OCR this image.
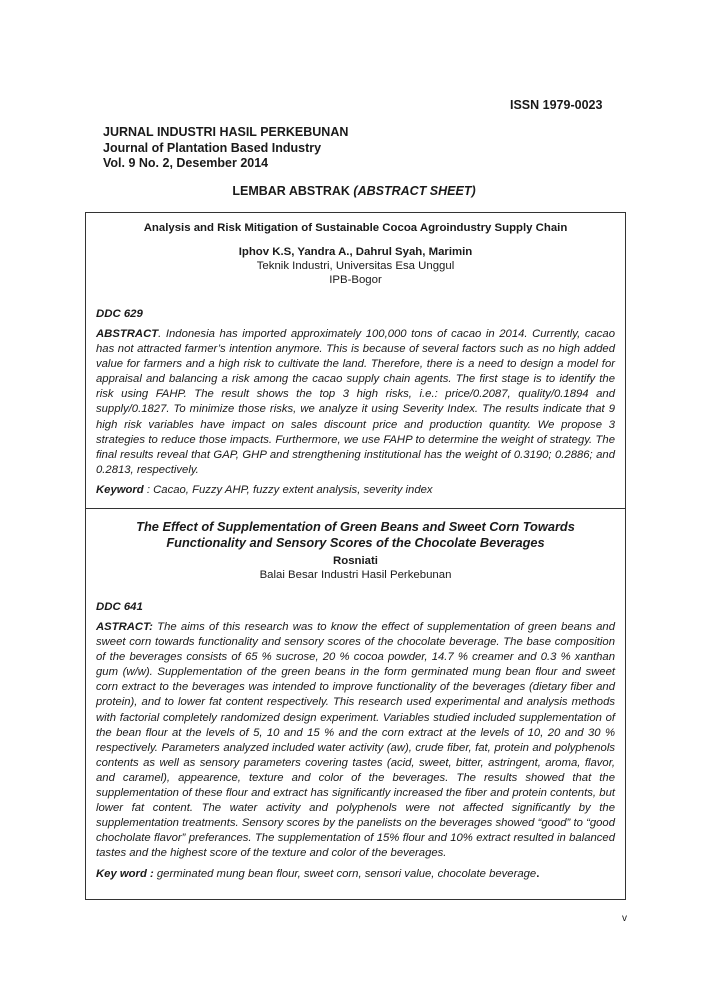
ISSN 1979-0023
JURNAL INDUSTRI HASIL PERKEBUNAN
Journal of Plantation Based Industry
Vol. 9 No. 2, Desember 2014
LEMBAR ABSTRAK (ABSTRACT SHEET)
Analysis and Risk Mitigation of Sustainable Cocoa Agroindustry Supply Chain
Iphov K.S, Yandra A., Dahrul Syah, Marimin
Teknik Industri, Universitas Esa Unggul
IPB-Bogor
DDC 629
ABSTRACT. Indonesia has imported approximately 100,000 tons of cacao in 2014. Currently, cacao has not attracted farmer’s intention anymore. This is because of several factors such as no high added value for farmers and a high risk to cultivate the land. Therefore, there is a need to design a model for appraisal and balancing a risk among the cacao supply chain agents. The first stage is to identify the risk using FAHP. The result shows the top 3 high risks, i.e.: price/0.2087, quality/0.1894 and supply/0.1827. To minimize those risks, we analyze it using Severity Index. The results indicate that 9 high risk variables have impact on sales discount price and production quantity. We propose 3 strategies to reduce those impacts. Furthermore, we use FAHP to determine the weight of strategy. The final results reveal that GAP, GHP and strengthening institutional has the weight of 0.3190; 0.2886; and 0.2813, respectively.
Keyword : Cacao, Fuzzy AHP, fuzzy extent analysis, severity index
The Effect of Supplementation of Green Beans and Sweet Corn Towards
Functionality and Sensory Scores of the Chocolate Beverages
Rosniati
Balai Besar Industri Hasil Perkebunan
DDC 641
ASTRACT: The aims of this research was to know the effect of supplementation of green beans and sweet corn towards functionality and sensory scores of the chocolate beverage. The base composition of the beverages consists of 65 % sucrose, 20 % cocoa powder, 14.7 % creamer and 0.3 % xanthan gum (w/w). Supplementation of the green beans in the form germinated mung bean flour and sweet corn extract to the beverages was intended to improve functionality of the beverages (dietary fiber and protein), and to lower fat content respectively. This research used experimental and analysis methods with factorial completely randomized design experiment. Variables studied included supplementation of the bean flour at the levels of 5, 10 and 15 % and the corn extract at the levels of 10, 20 and 30 % respectively. Parameters analyzed included water activity (aw), crude fiber, fat, protein and polyphenols contents as well as sensory parameters covering tastes (acid, sweet, bitter, astringent, aroma, flavor, and caramel), appearence, texture and color of the beverages. The results showed that the supplementation of these flour and extract has significantly increased the fiber and protein contents, but lower fat content. The water activity and polyphenols were not affected significantly by the supplementation treatments. Sensory scores by the panelists on the beverages showed “good” to “good chocholate flavor” preferances. The supplementation of 15% flour and 10% extract resulted in balanced tastes and the highest score of the texture and color of the beverages.
Key word : germinated mung bean flour, sweet corn, sensori value, chocolate beverage.
v
